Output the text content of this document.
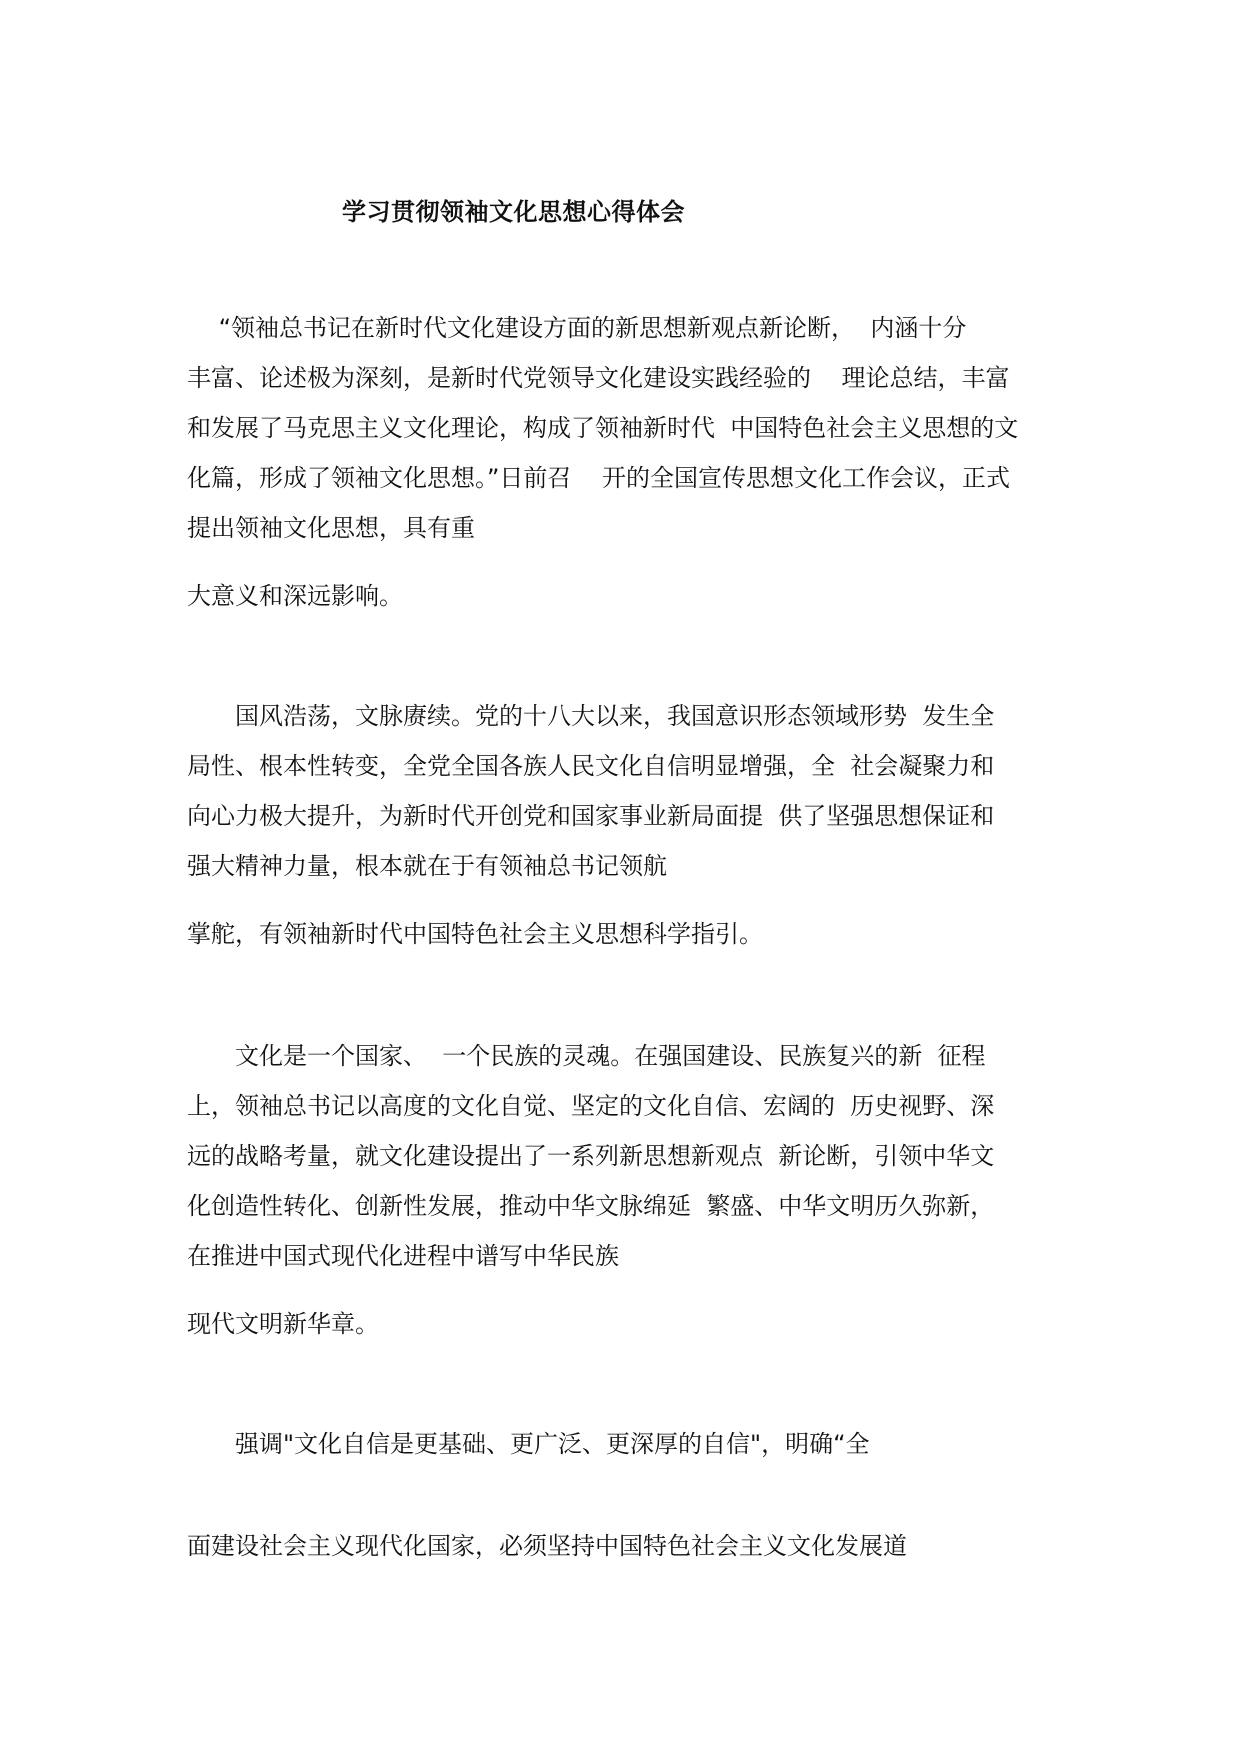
学习贯彻领袖文化思想心得体会
　 “领袖总书记在新时代文化建设方面的新思想新观点新论断，  内涵十分
丰富、论述极为深刻，是新时代党领导文化建设实践经验的    理论总结，丰富
和发展了马克思主义文化理论，构成了领袖新时代  中国特色社会主义思想的文
化篇，形成了领袖文化思想。”日前召    开的全国宣传思想文化工作会议，正式
提出领袖文化思想，具有重
大意义和深远影响。
　　国风浩荡，文脉赓续。党的十八大以来，我国意识形态领域形势  发生全
局性、根本性转变，全党全国各族人民文化自信明显增强，全  社会凝聚力和
向心力极大提升，为新时代开创党和国家事业新局面提  供了坚强思想保证和
强大精神力量，根本就在于有领袖总书记领航
掌舵，有领袖新时代中国特色社会主义思想科学指引。
　　文化是一个国家、  一个民族的灵魂。在强国建设、民族复兴的新  征程
上，领袖总书记以高度的文化自觉、坚定的文化自信、宏阔的  历史视野、深
远的战略考量，就文化建设提出了一系列新思想新观点  新论断，引领中华文
化创造性转化、创新性发展，推动中华文脉绵延  繁盛、中华文明历久弥新，
在推进中国式现代化进程中谱写中华民族
现代文明新华章。
　　强调"文化自信是更基础、更广泛、更深厚的自信"，明确“全
面建设社会主义现代化国家，必须坚持中国特色社会主义文化发展道
